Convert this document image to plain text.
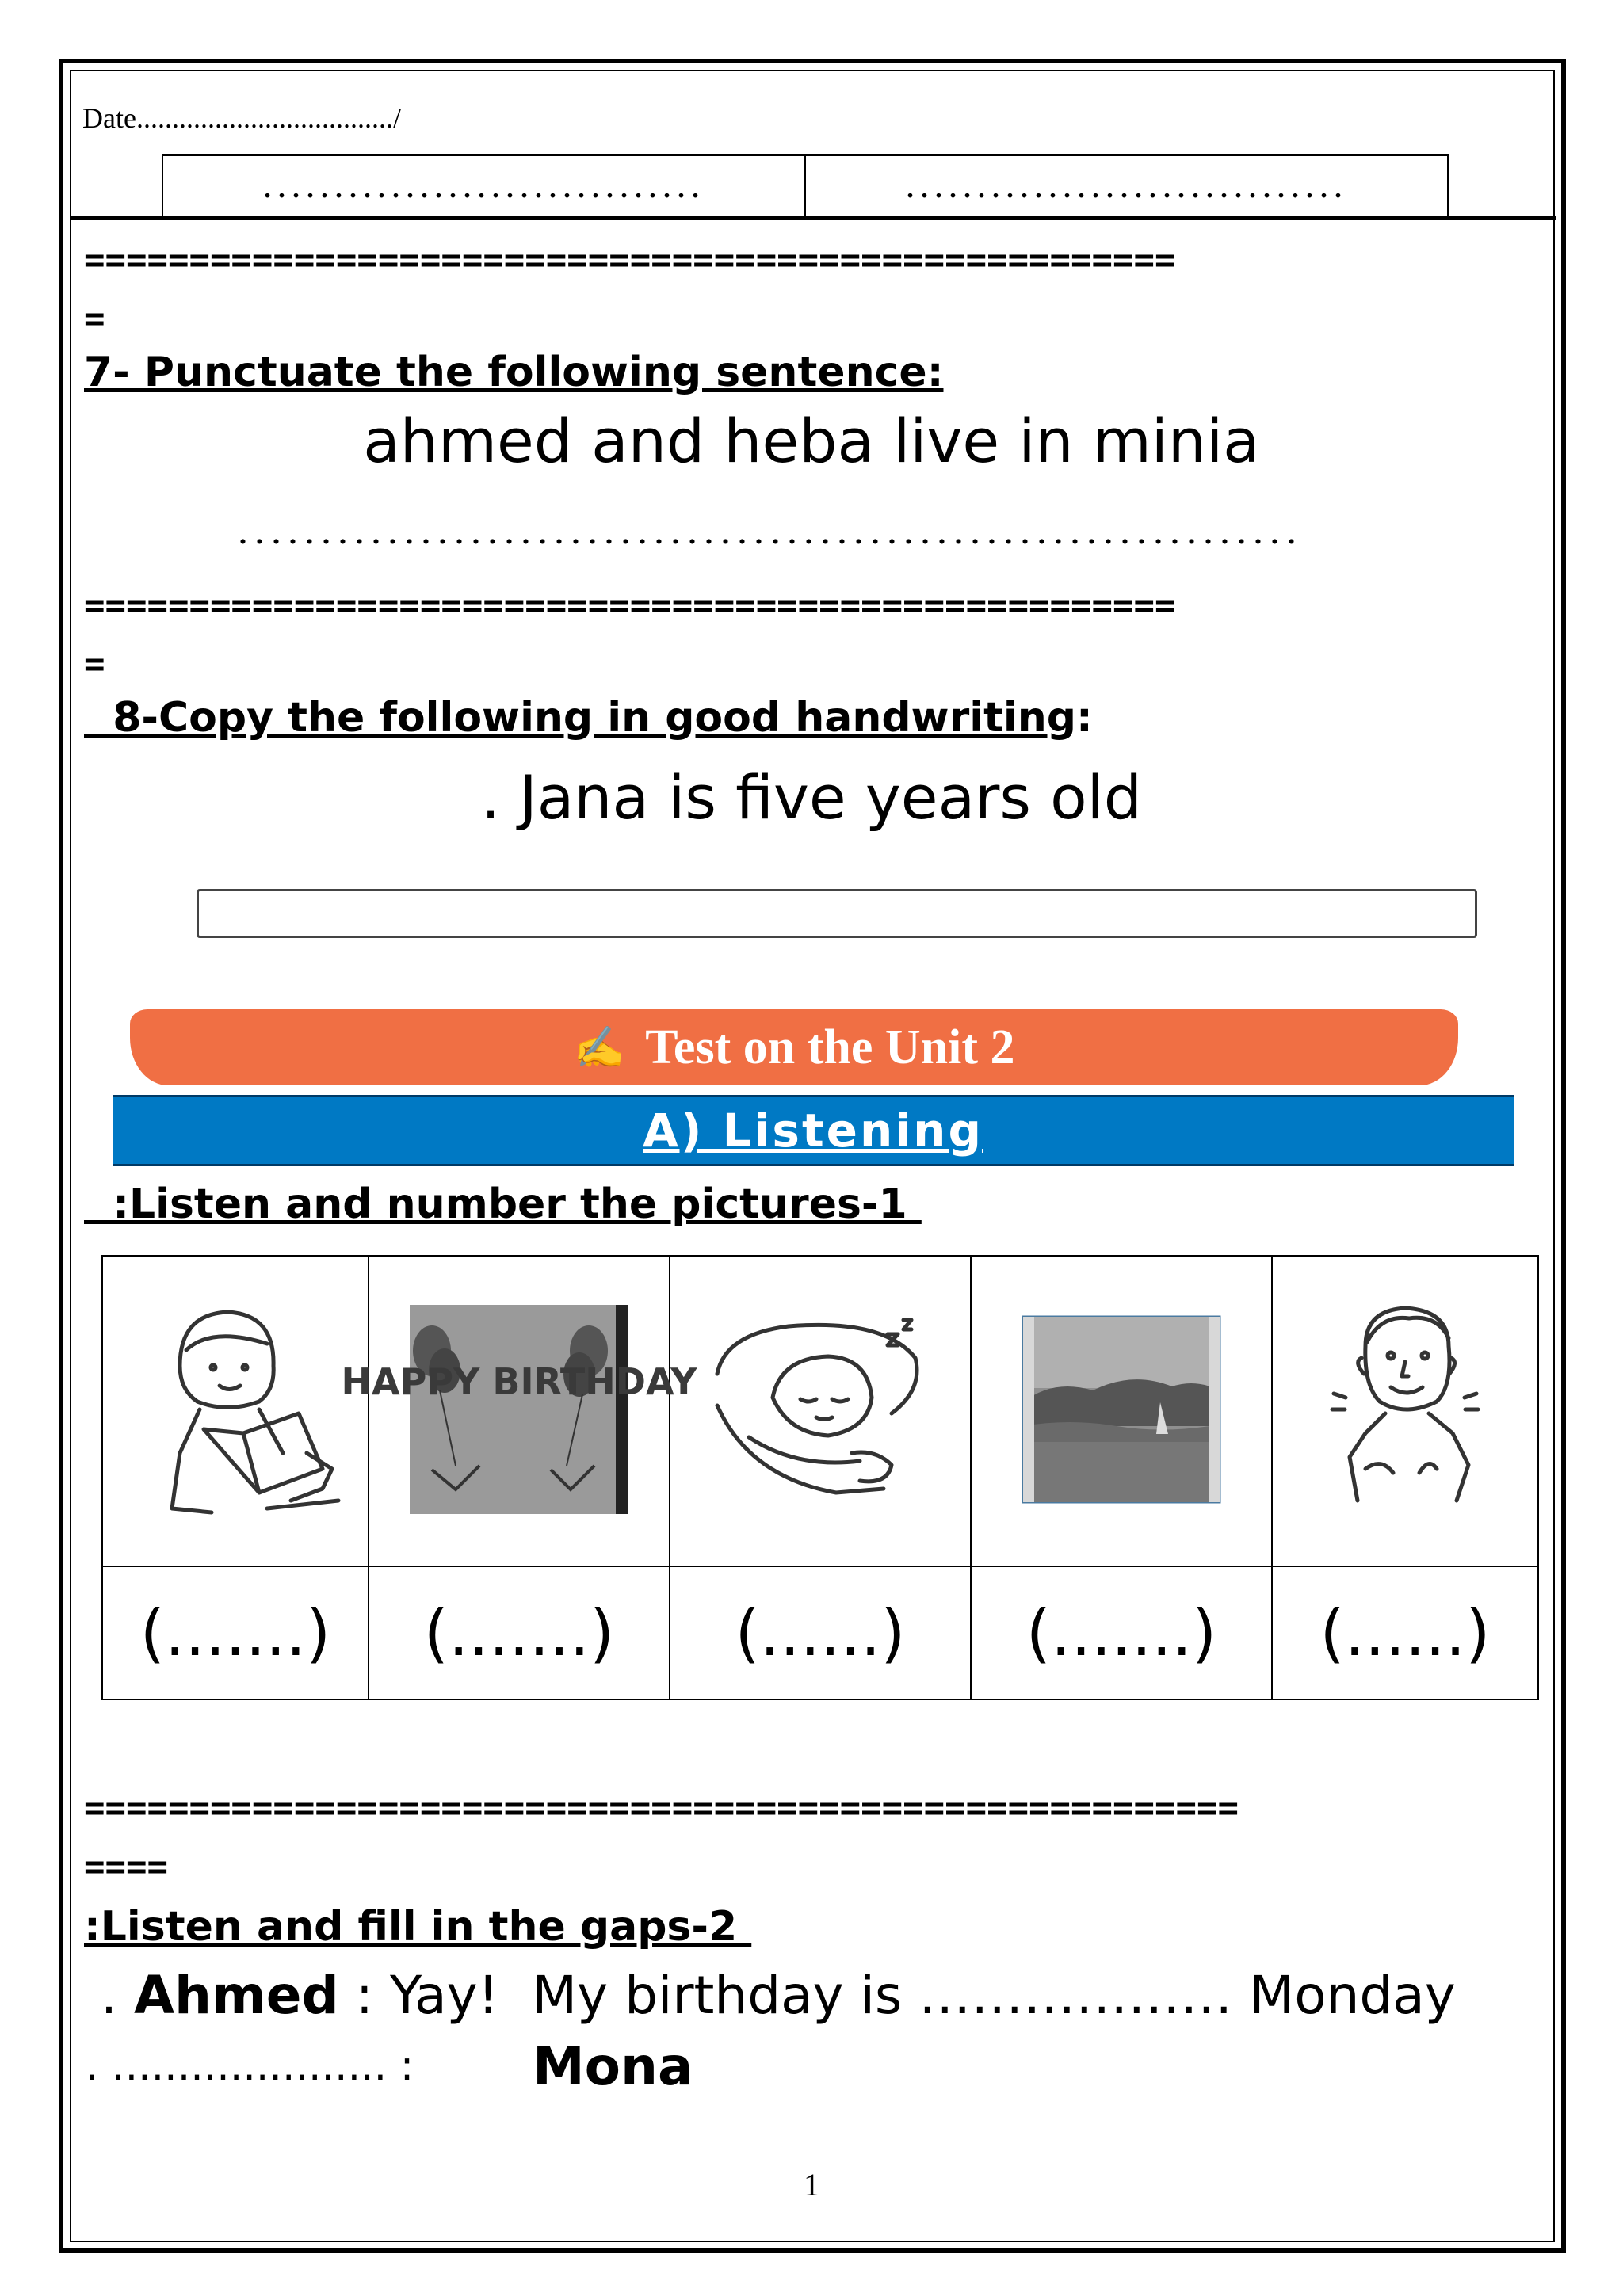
Date..................................../
...............................	...............................
====================================================
=
7- Punctuate the following sentence:
ahmed and heba live in minia
................................................................
====================================================
=
8-Copy the following in good handwriting:
. Jana is five years old
✍ Test on the Unit 2
A) Listening
:Listen and number the pictures-1

HAPPY BIRTHDAY

(.......)	(.......)	(......)	(.......)	(......)
=======================================================
====
:Listen and fill in the gaps-2
. Ahmed : Yay!  My birthday is ……………… Monday
. ..................... : Mona
1
